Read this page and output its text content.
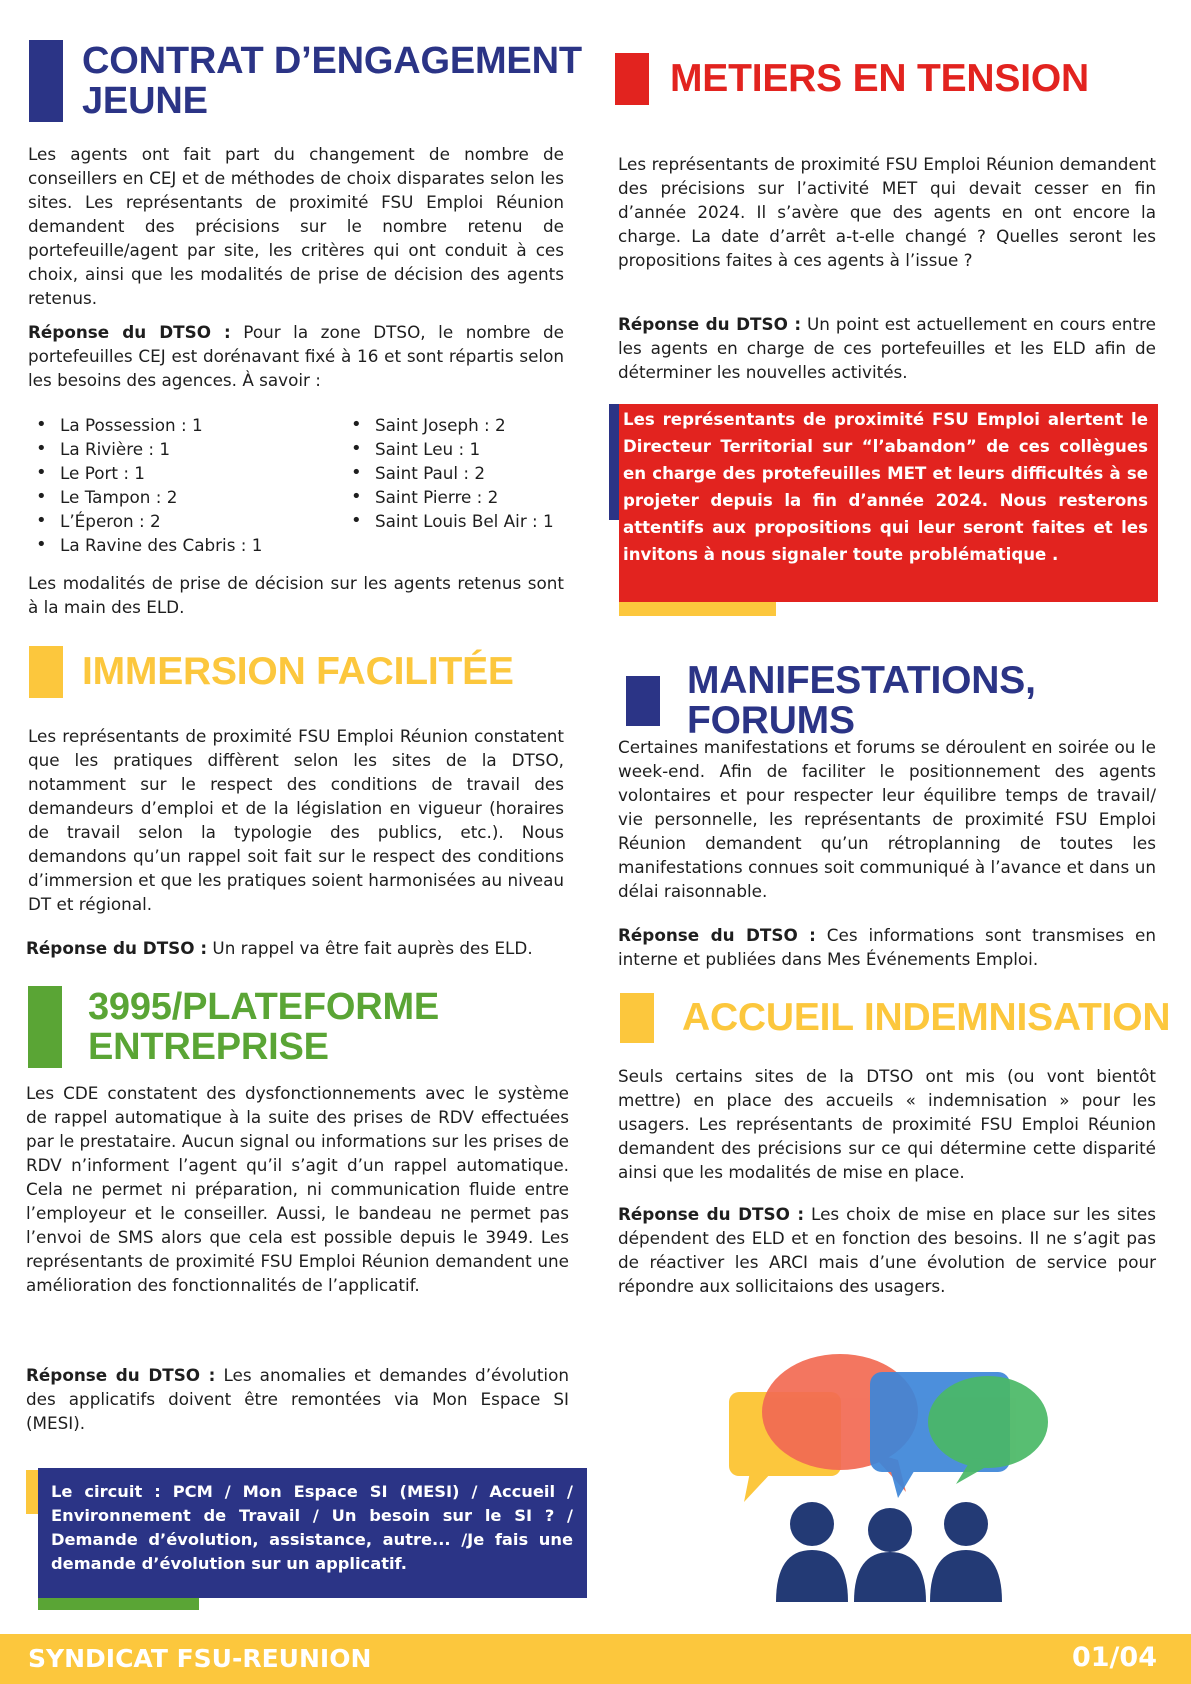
CONTRAT D’ENGAGEMENT
JEUNE

Les agents ont fait part du changement de nombre de conseillers en CEJ et de méthodes de choix disparates selon les sites. Les représentants de proximité FSU Emploi Réunion demandent des précisions sur le nombre retenu de portefeuille/agent par site, les critères qui ont conduit à ces choix, ainsi que les modalités de prise de décision des agents retenus.

Réponse du DTSO : Pour la zone DTSO, le nombre de portefeuilles CEJ est dorénavant fixé à 16 et sont répartis selon les besoins des agences. À savoir :

• La Possession : 1
• La Rivière : 1
• Le Port : 1
• Le Tampon : 2
• L’Éperon : 2
• La Ravine des Cabris : 1
• Saint Joseph : 2
• Saint Leu : 1
• Saint Paul : 2
• Saint Pierre : 2
• Saint Louis Bel Air : 1

Les modalités de prise de décision sur les agents retenus sont à la main des ELD.

IMMERSION FACILITÉE

Les représentants de proximité FSU Emploi Réunion constatent que les pratiques diffèrent selon les sites de la DTSO, notamment sur le respect des conditions de travail des demandeurs d’emploi et de la législation en vigueur (horaires de travail selon la typologie des publics, etc.). Nous demandons qu’un rappel soit fait sur le respect des conditions d’immersion et que les pratiques soient harmonisées au niveau DT et régional.

Réponse du DTSO : Un rappel va être fait auprès des ELD.

3995/PLATEFORME
ENTREPRISE

Les CDE constatent des dysfonctionnements avec le système de rappel automatique à la suite des prises de RDV effectuées par le prestataire. Aucun signal ou informations sur les prises de RDV n’informent l’agent qu’il s’agit d’un rappel automatique. Cela ne permet ni préparation, ni communication fluide entre l’employeur et le conseiller. Aussi, le bandeau ne permet pas l’envoi de SMS alors que cela est possible depuis le 3949. Les représentants de proximité FSU Emploi Réunion demandent une amélioration des fonctionnalités de l’applicatif.

Réponse du DTSO : Les anomalies et demandes d’évolution des applicatifs doivent être remontées via Mon Espace SI (MESI).

Le circuit : PCM / Mon Espace SI (MESI) / Accueil / Environnement de Travail / Un besoin sur le SI ? / Demande d’évolution, assistance, autre... /Je fais une demande d’évolution sur un applicatif.
METIERS EN TENSION

Les représentants de proximité FSU Emploi Réunion demandent des précisions sur l’activité MET qui devait cesser en fin d’année 2024. Il s’avère que des agents en ont encore la charge. La date d’arrêt a-t-elle changé ? Quelles seront les propositions faites à ces agents à l’issue ?

Réponse du DTSO : Un point est actuellement en cours entre les agents en charge de ces portefeuilles et les ELD afin de déterminer les nouvelles activités.

Les représentants de proximité FSU Emploi alertent le Directeur Territorial sur “l’abandon” de ces collègues en charge des protefeuilles MET et leurs difficultés à se projeter depuis la fin d’année 2024. Nous resterons attentifs aux propositions qui leur seront faites et les invitons à nous signaler toute problématique .
MANIFESTATIONS, FORUMS

Certaines manifestations et forums se déroulent en soirée ou le week-end. Afin de faciliter le positionnement des agents volontaires et pour respecter leur équilibre temps de travail/ vie personnelle, les représentants de proximité FSU Emploi Réunion demandent qu’un rétroplanning de toutes les manifestations connues soit communiqué à l’avance et dans un délai raisonnable.

Réponse du DTSO : Ces informations sont transmises en interne et publiées dans Mes Événements Emploi.

ACCUEIL INDEMNISATION

Seuls certains sites de la DTSO ont mis (ou vont bientôt mettre) en place des accueils « indemnisation » pour les usagers. Les représentants de proximité FSU Emploi Réunion demandent des précisions sur ce qui détermine cette disparité ainsi que les modalités de mise en place.

Réponse du DTSO : Les choix de mise en place sur les sites dépendent des ELD et en fonction des besoins. Il ne s’agit pas de réactiver les ARCI mais d’une évolution de service pour répondre aux sollicitaions des usagers.

SYNDICAT FSU-REUNION	01/04
